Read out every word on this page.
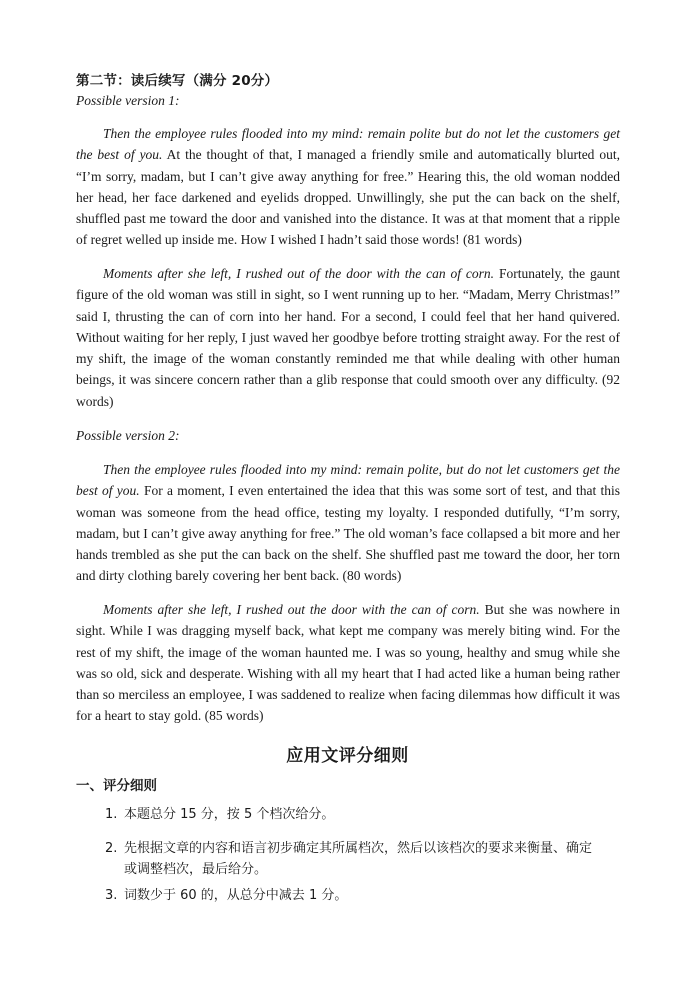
第二节：读后续写（满分 20分）
Possible version 1:

Then the employee rules flooded into my mind: remain polite but do not let the customers get the best of you. At the thought of that, I managed a friendly smile and automatically blurted out, “I’m sorry, madam, but I can’t give away anything for free.” Hearing this, the old woman nodded her head, her face darkened and eyelids dropped. Unwillingly, she put the can back on the shelf, shuffled past me toward the door and vanished into the distance. It was at that moment that a ripple of regret welled up inside me. How I wished I hadn’t said those words! (81 words)

Moments after she left, I rushed out of the door with the can of corn. Fortunately, the gaunt figure of the old woman was still in sight, so I went running up to her. “Madam, Merry Christmas!” said I, thrusting the can of corn into her hand. For a second, I could feel that her hand quivered. Without waiting for her reply, I just waved her goodbye before trotting straight away. For the rest of my shift, the image of the woman constantly reminded me that while dealing with other human beings, it was sincere concern rather than a glib response that could smooth over any difficulty. (92 words)

Possible version 2:

Then the employee rules flooded into my mind: remain polite, but do not let customers get the best of you. For a moment, I even entertained the idea that this was some sort of test, and that this woman was someone from the head office, testing my loyalty. I responded dutifully, “I’m sorry, madam, but I can’t give away anything for free.” The old woman’s face collapsed a bit more and her hands trembled as she put the can back on the shelf. She shuffled past me toward the door, her torn and dirty clothing barely covering her bent back. (80 words)

Moments after she left, I rushed out the door with the can of corn. But she was nowhere in sight. While I was dragging myself back, what kept me company was merely biting wind. For the rest of my shift, the image of the woman haunted me. I was so young, healthy and smug while she was so old, sick and desperate. Wishing with all my heart that I had acted like a human being rather than so merciless an employee, I was saddened to realize when facing dilemmas how difficult it was for a heart to stay gold. (85 words)

应用文评分细则
一、评分细则

1. 本题总分 15 分，按 5 个档次给分。

2. 先根据文章的内容和语言初步确定其所属档次，然后以该档次的要求来衡量、确定
或调整档次，最后给分。

3. 词数少于 60 的，从总分中减去 1 分。
